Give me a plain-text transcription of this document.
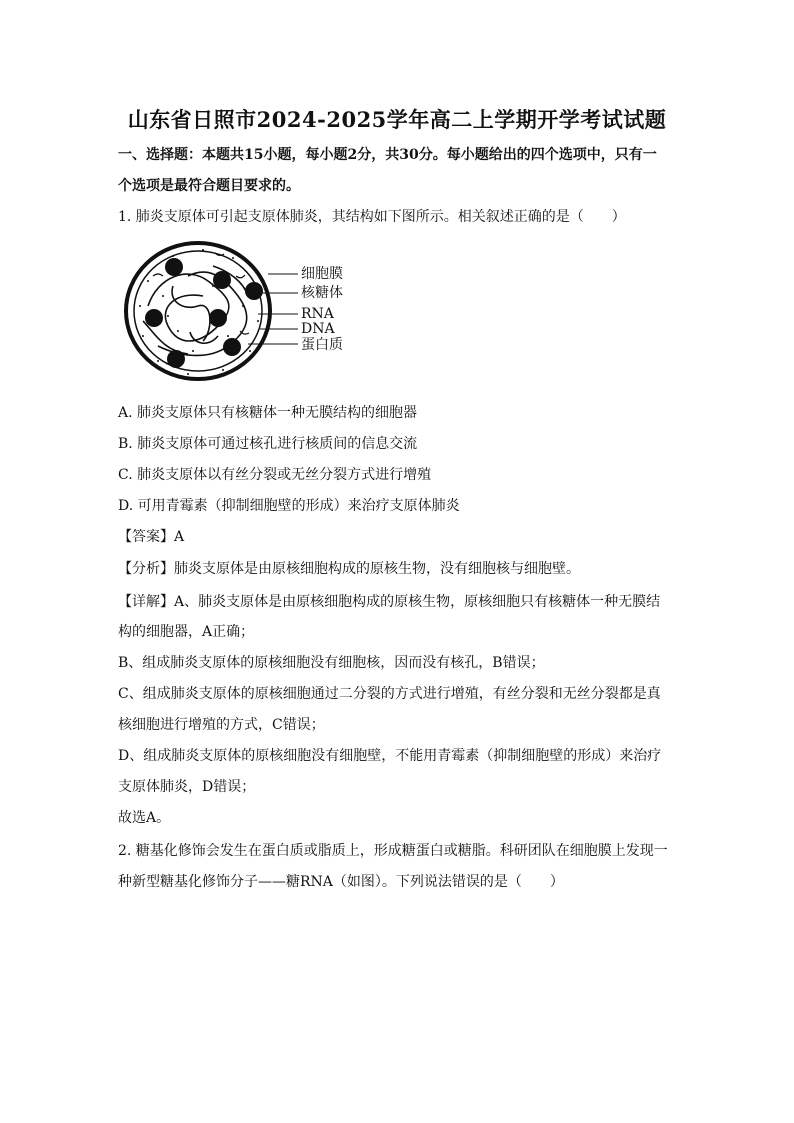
山东省日照市2024-2025学年高二上学期开学考试试题
一、选择题：本题共15小题，每小题2分，共30分。每小题给出的四个选项中，只有一
个选项是最符合题目要求的。
1. 肺炎支原体可引起支原体肺炎，其结构如下图所示。相关叙述正确的是（　　）
细胞膜
核糖体
RNA
DNA
蛋白质
A. 肺炎支原体只有核糖体一种无膜结构的细胞器
B. 肺炎支原体可通过核孔进行核质间的信息交流
C. 肺炎支原体以有丝分裂或无丝分裂方式进行增殖
D. 可用青霉素（抑制细胞壁的形成）来治疗支原体肺炎
【答案】A
【分析】肺炎支原体是由原核细胞构成的原核生物，没有细胞核与细胞壁。
【详解】A、肺炎支原体是由原核细胞构成的原核生物，原核细胞只有核糖体一种无膜结
构的细胞器，A正确；
B、组成肺炎支原体的原核细胞没有细胞核，因而没有核孔，B错误；
C、组成肺炎支原体的原核细胞通过二分裂的方式进行增殖，有丝分裂和无丝分裂都是真
核细胞进行增殖的方式，C错误；
D、组成肺炎支原体的原核细胞没有细胞壁，不能用青霉素（抑制细胞壁的形成）来治疗
支原体肺炎，D错误；
故选A。
2. 糖基化修饰会发生在蛋白质或脂质上，形成糖蛋白或糖脂。科研团队在细胞膜上发现一
种新型糖基化修饰分子——糖RNA（如图）。下列说法错误的是（　　）
